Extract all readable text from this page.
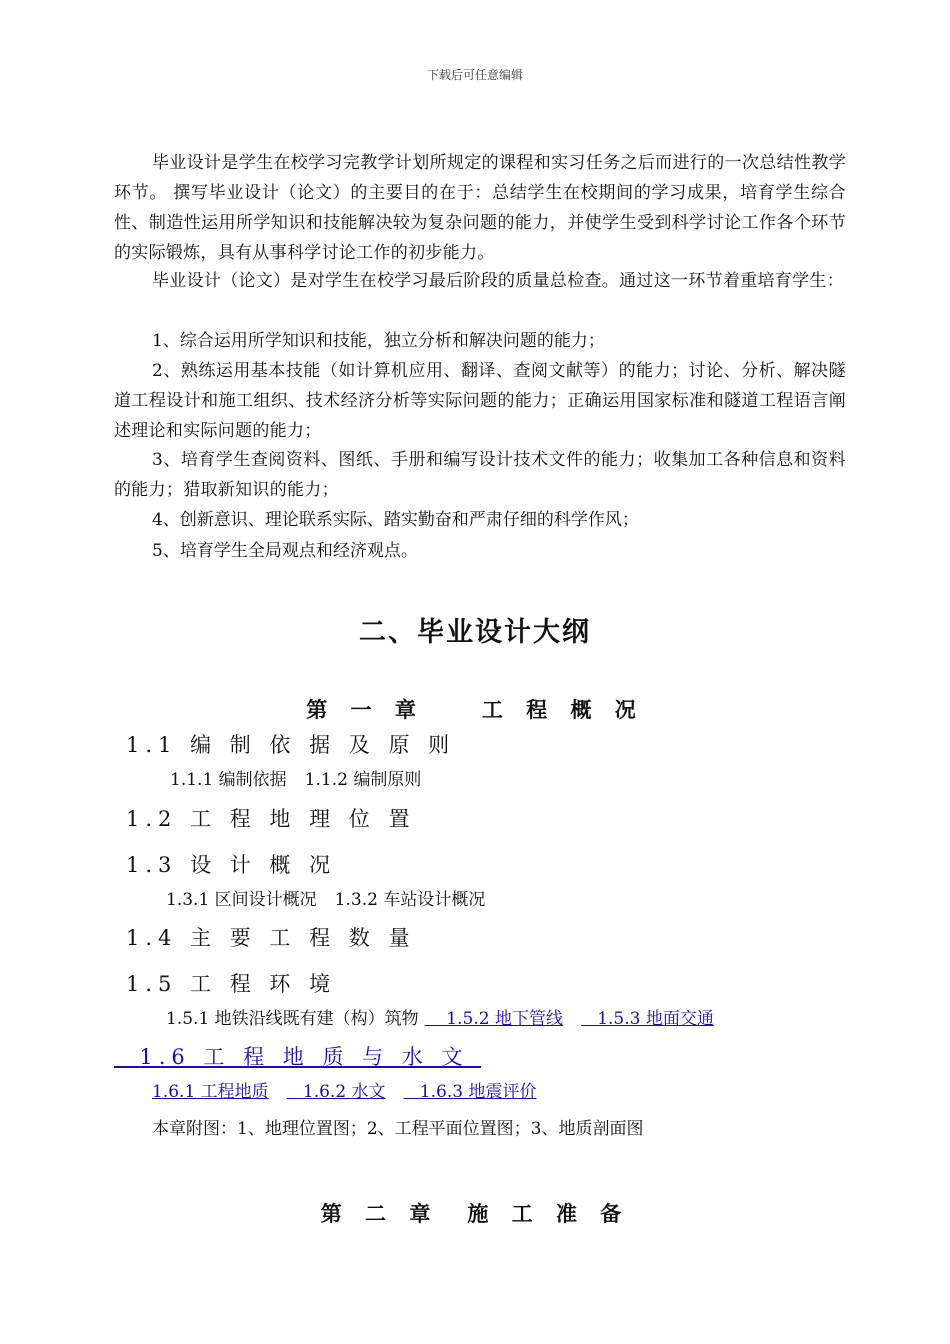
下载后可任意编辑
毕业设计是学生在校学习完教学计划所规定的课程和实习任务之后而进行的一次总结性教学环节。 撰写毕业设计（论文）的主要目的在于：总结学生在校期间的学习成果，培育学生综合性、制造性运用所学知识和技能解决较为复杂问题的能力，并使学生受到科学讨论工作各个环节的实际锻炼，具有从事科学讨论工作的初步能力。
毕业设计（论文）是对学生在校学习最后阶段的质量总检查。通过这一环节着重培育学生：
1、综合运用所学知识和技能，独立分析和解决问题的能力；
2、熟练运用基本技能（如计算机应用、翻译、查阅文献等）的能力；讨论、分析、解决隧道工程设计和施工组织、技术经济分析等实际问题的能力；正确运用国家标准和隧道工程语言阐述理论和实际问题的能力；
3、培育学生查阅资料、图纸、手册和编写设计技术文件的能力；收集加工各种信息和资料的能力；猎取新知识的能力；
4、创新意识、理论联系实际、踏实勤奋和严肃仔细的科学作风；
5、培育学生全局观点和经济观点。
二、毕业设计大纲
第 一 章　　工 程 概 况
1.1 编 制 依 据 及 原 则
1.1.1 编制依据 1.1.2 编制原则
1.2 工 程 地 理 位 置
1.3 设 计 概 况
1.3.1 区间设计概况 1.3.2 车站设计概况
1.4 主 要 工 程 数 量
1.5 工 程 环 境
1.5.1 地铁沿线既有建（构）筑物 1.5.2 地下管线 1.5.3 地面交通
1.6 工 程 地 质 与 水 文
1.6.1 工程地质 1.6.2 水文 1.6.3 地震评价
本章附图：1、地理位置图；2、工程平面位置图；3、地质剖面图
第 二 章　施 工 准 备
